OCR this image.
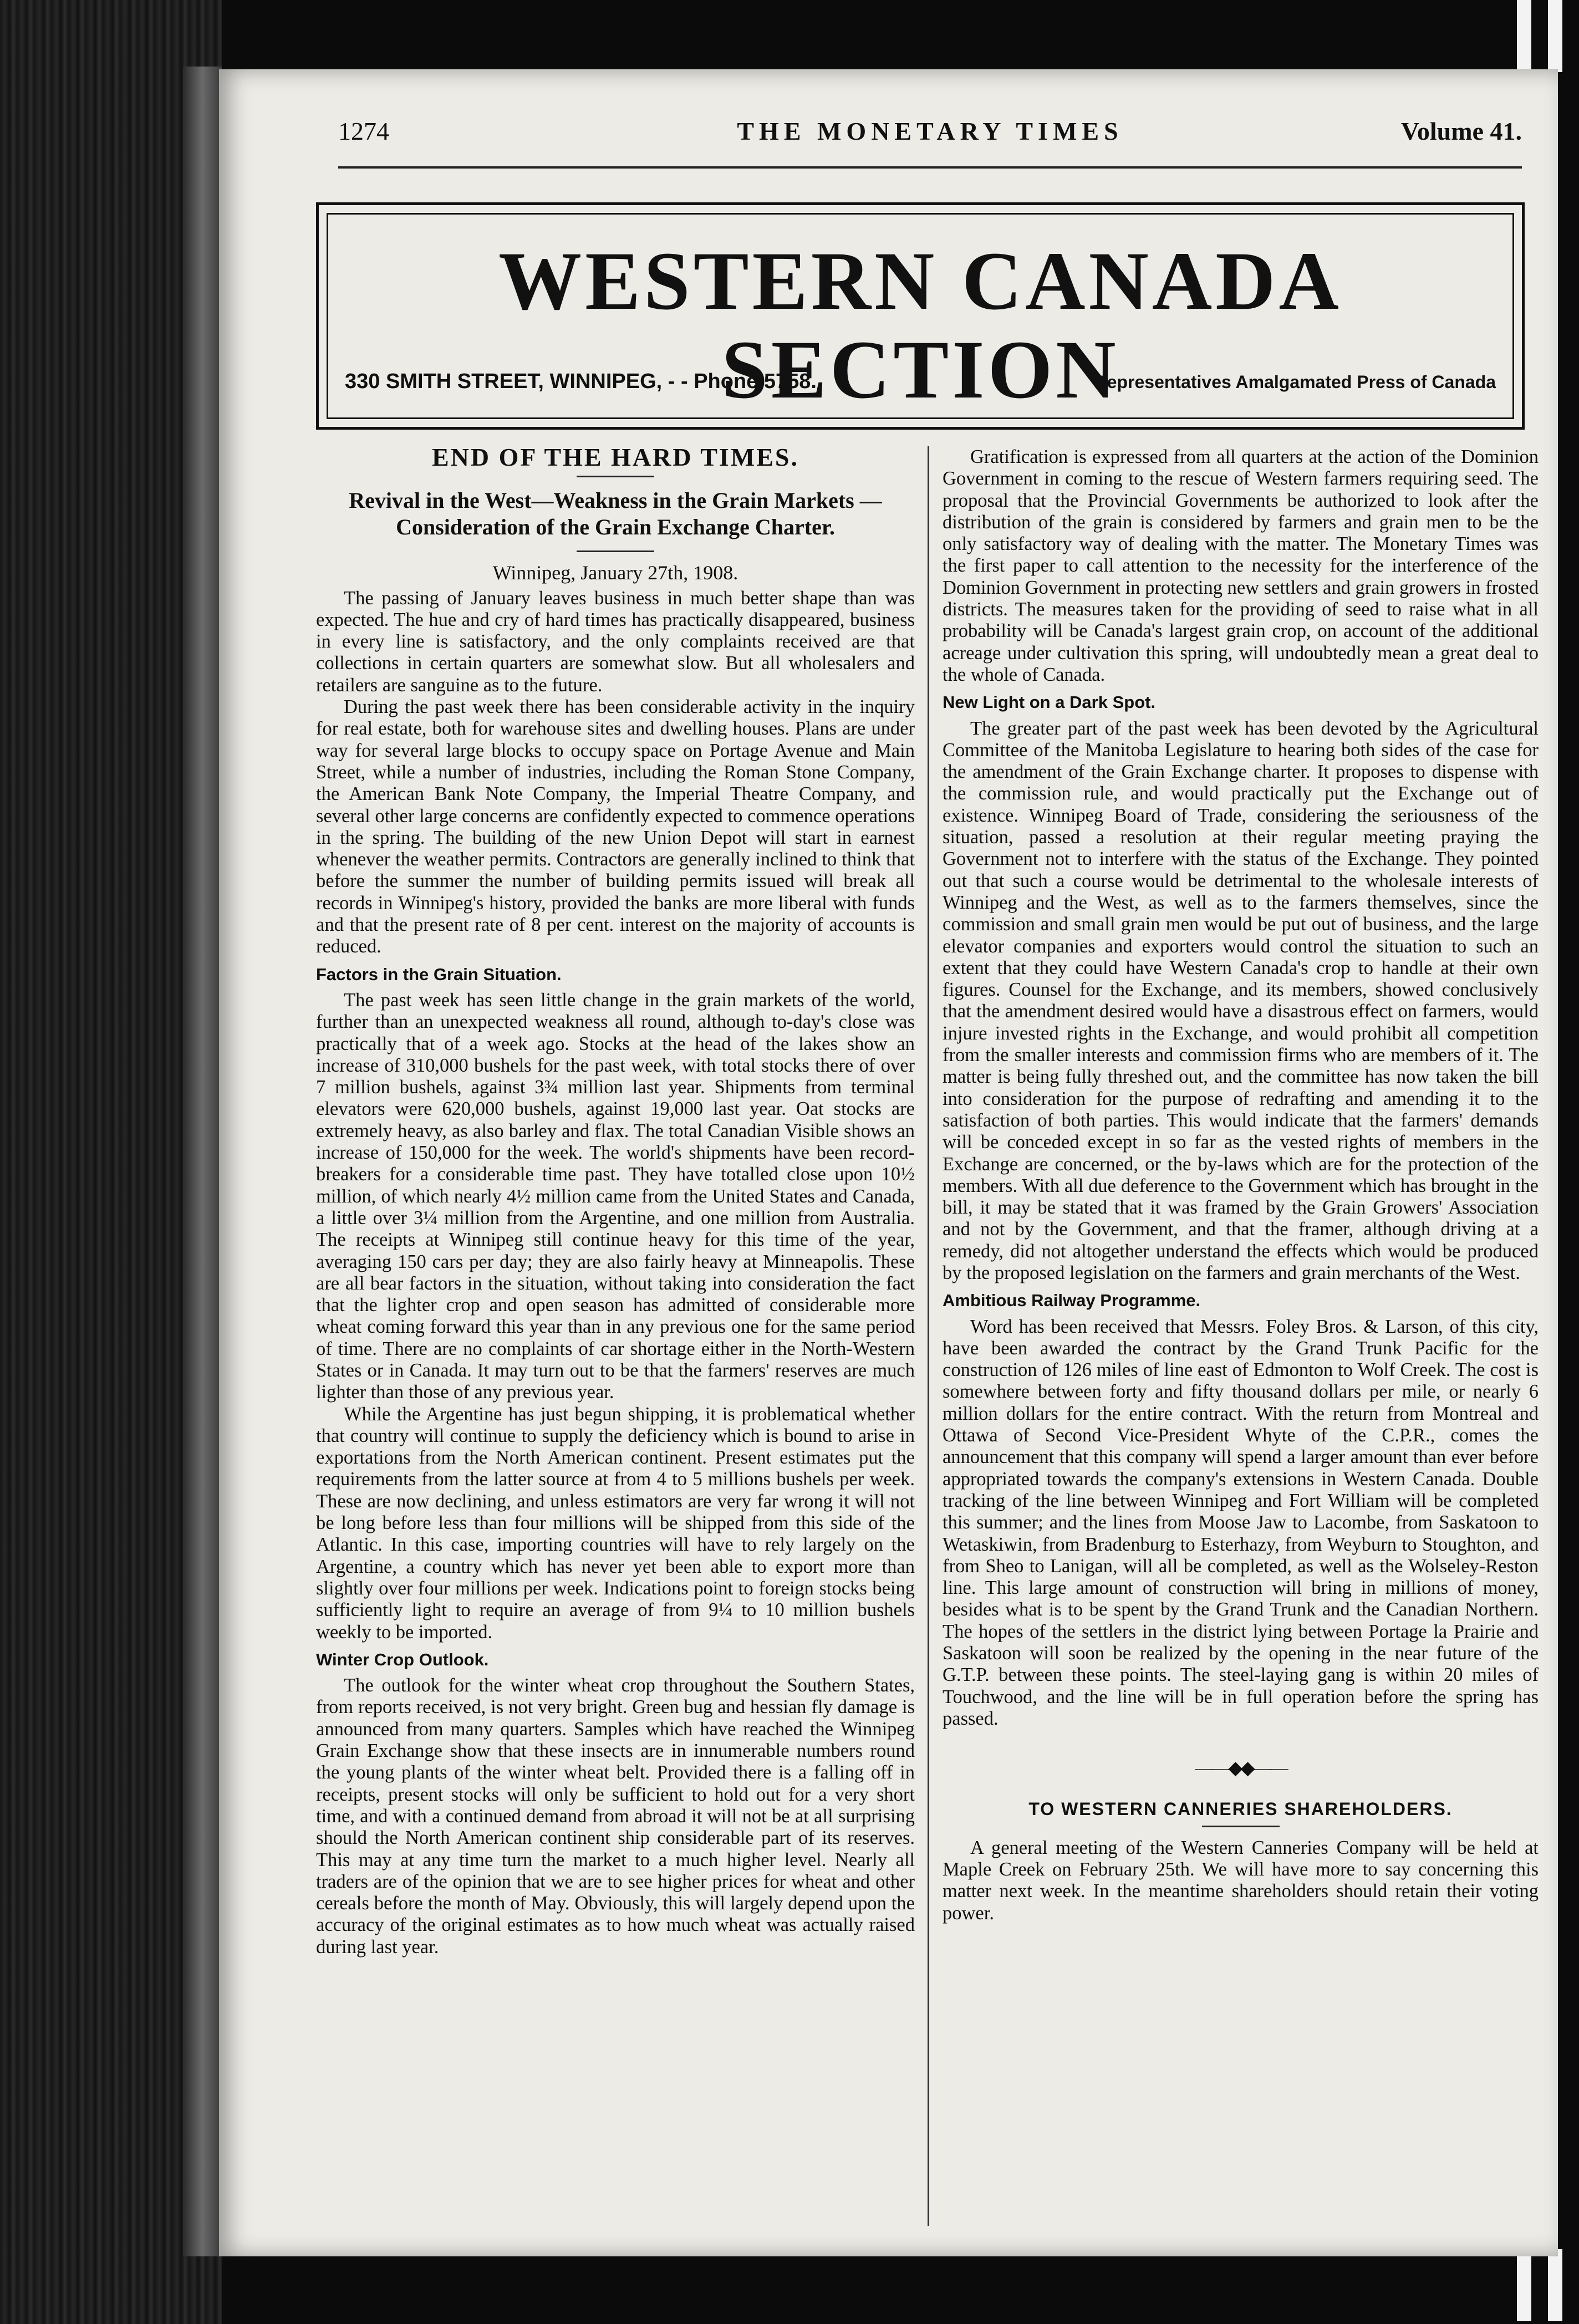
1274	THE MONETARY TIMES	Volume 41.
WESTERN CANADA SECTION
330 SMITH STREET, WINNIPEG, - - Phone 5758.	Representatives Amalgamated Press of Canada
END OF THE HARD TIMES.
Revival in the West—Weakness in the Grain Markets —Consideration of the Grain Exchange Charter.
Winnipeg, January 27th, 1908.

The passing of January leaves business in much better shape than was expected. The hue and cry of hard times has practically disappeared, business in every line is satisfactory, and the only complaints received are that collections in certain quarters are somewhat slow. But all wholesalers and retailers are sanguine as to the future.

During the past week there has been considerable activity in the inquiry for real estate, both for warehouse sites and dwelling houses. Plans are under way for several large blocks to occupy space on Portage Avenue and Main Street, while a number of industries, including the Roman Stone Company, the American Bank Note Company, the Imperial Theatre Company, and several other large concerns are confidently expected to commence operations in the spring. The building of the new Union Depot will start in earnest whenever the weather permits. Contractors are generally inclined to think that before the summer the number of building permits issued will break all records in Winnipeg's history, provided the banks are more liberal with funds and that the present rate of 8 per cent. interest on the majority of accounts is reduced.

Factors in the Grain Situation.

The past week has seen little change in the grain markets of the world, further than an unexpected weakness all round, although to-day's close was practically that of a week ago. Stocks at the head of the lakes show an increase of 310,000 bushels for the past week, with total stocks there of over 7 million bushels, against 3¾ million last year. Shipments from terminal elevators were 620,000 bushels, against 19,000 last year. Oat stocks are extremely heavy, as also barley and flax. The total Canadian Visible shows an increase of 150,000 for the week. The world's shipments have been record-breakers for a considerable time past. They have totalled close upon 10½ million, of which nearly 4½ million came from the United States and Canada, a little over 3¼ million from the Argentine, and one million from Australia. The receipts at Winnipeg still continue heavy for this time of the year, averaging 150 cars per day; they are also fairly heavy at Minneapolis. These are all bear factors in the situation, without taking into consideration the fact that the lighter crop and open season has admitted of considerable more wheat coming forward this year than in any previous one for the same period of time. There are no complaints of car shortage either in the North-Western States or in Canada. It may turn out to be that the farmers' reserves are much lighter than those of any previous year.

While the Argentine has just begun shipping, it is problematical whether that country will continue to supply the deficiency which is bound to arise in exportations from the North American continent. Present estimates put the requirements from the latter source at from 4 to 5 millions bushels per week. These are now declining, and unless estimators are very far wrong it will not be long before less than four millions will be shipped from this side of the Atlantic. In this case, importing countries will have to rely largely on the Argentine, a country which has never yet been able to export more than slightly over four millions per week. Indications point to foreign stocks being sufficiently light to require an average of from 9¼ to 10 million bushels weekly to be imported.

Winter Crop Outlook.

The outlook for the winter wheat crop throughout the Southern States, from reports received, is not very bright. Green bug and hessian fly damage is announced from many quarters. Samples which have reached the Winnipeg Grain Exchange show that these insects are in innumerable numbers round the young plants of the winter wheat belt. Provided there is a falling off in receipts, present stocks will only be sufficient to hold out for a very short time, and with a continued demand from abroad it will not be at all surprising should the North American continent ship considerable part of its reserves. This may at any time turn the market to a much higher level. Nearly all traders are of the opinion that we are to see higher prices for wheat and other cereals before the month of May. Obviously, this will largely depend upon the accuracy of the original estimates as to how much wheat was actually raised during last year.

Gratification is expressed from all quarters at the action of the Dominion Government in coming to the rescue of Western farmers requiring seed. The proposal that the Provincial Governments be authorized to look after the distribution of the grain is considered by farmers and grain men to be the only satisfactory way of dealing with the matter. The Monetary Times was the first paper to call attention to the necessity for the interference of the Dominion Government in protecting new settlers and grain growers in frosted districts. The measures taken for the providing of seed to raise what in all probability will be Canada's largest grain crop, on account of the additional acreage under cultivation this spring, will undoubtedly mean a great deal to the whole of Canada.

New Light on a Dark Spot.

The greater part of the past week has been devoted by the Agricultural Committee of the Manitoba Legislature to hearing both sides of the case for the amendment of the Grain Exchange charter. It proposes to dispense with the commission rule, and would practically put the Exchange out of existence. Winnipeg Board of Trade, considering the seriousness of the situation, passed a resolution at their regular meeting praying the Government not to interfere with the status of the Exchange. They pointed out that such a course would be detrimental to the wholesale interests of Winnipeg and the West, as well as to the farmers themselves, since the commission and small grain men would be put out of business, and the large elevator companies and exporters would control the situation to such an extent that they could have Western Canada's crop to handle at their own figures. Counsel for the Exchange, and its members, showed conclusively that the amendment desired would have a disastrous effect on farmers, would injure invested rights in the Exchange, and would prohibit all competition from the smaller interests and commission firms who are members of it. The matter is being fully threshed out, and the committee has now taken the bill into consideration for the purpose of redrafting and amending it to the satisfaction of both parties. This would indicate that the farmers' demands will be conceded except in so far as the vested rights of members in the Exchange are concerned, or the by-laws which are for the protection of the members. With all due deference to the Government which has brought in the bill, it may be stated that it was framed by the Grain Growers' Association and not by the Government, and that the framer, although driving at a remedy, did not altogether understand the effects which would be produced by the proposed legislation on the farmers and grain merchants of the West.

Ambitious Railway Programme.

Word has been received that Messrs. Foley Bros. & Larson, of this city, have been awarded the contract by the Grand Trunk Pacific for the construction of 126 miles of line east of Edmonton to Wolf Creek. The cost is somewhere between forty and fifty thousand dollars per mile, or nearly 6 million dollars for the entire contract. With the return from Montreal and Ottawa of Second Vice-President Whyte of the C.P.R., comes the announcement that this company will spend a larger amount than ever before appropriated towards the company's extensions in Western Canada. Double tracking of the line between Winnipeg and Fort William will be completed this summer; and the lines from Moose Jaw to Lacombe, from Saskatoon to Wetaskiwin, from Bradenburg to Esterhazy, from Weyburn to Stoughton, and from Sheo to Lanigan, will all be completed, as well as the Wolseley-Reston line. This large amount of construction will bring in millions of money, besides what is to be spent by the Grand Trunk and the Canadian Northern. The hopes of the settlers in the district lying between Portage la Prairie and Saskatoon will soon be realized by the opening in the near future of the G.T.P. between these points. The steel-laying gang is within 20 miles of Touchwood, and the line will be in full operation before the spring has passed.

——◆◆——
TO WESTERN CANNERIES SHAREHOLDERS.

A general meeting of the Western Canneries Company will be held at Maple Creek on February 25th. We will have more to say concerning this matter next week. In the meantime shareholders should retain their voting power.
